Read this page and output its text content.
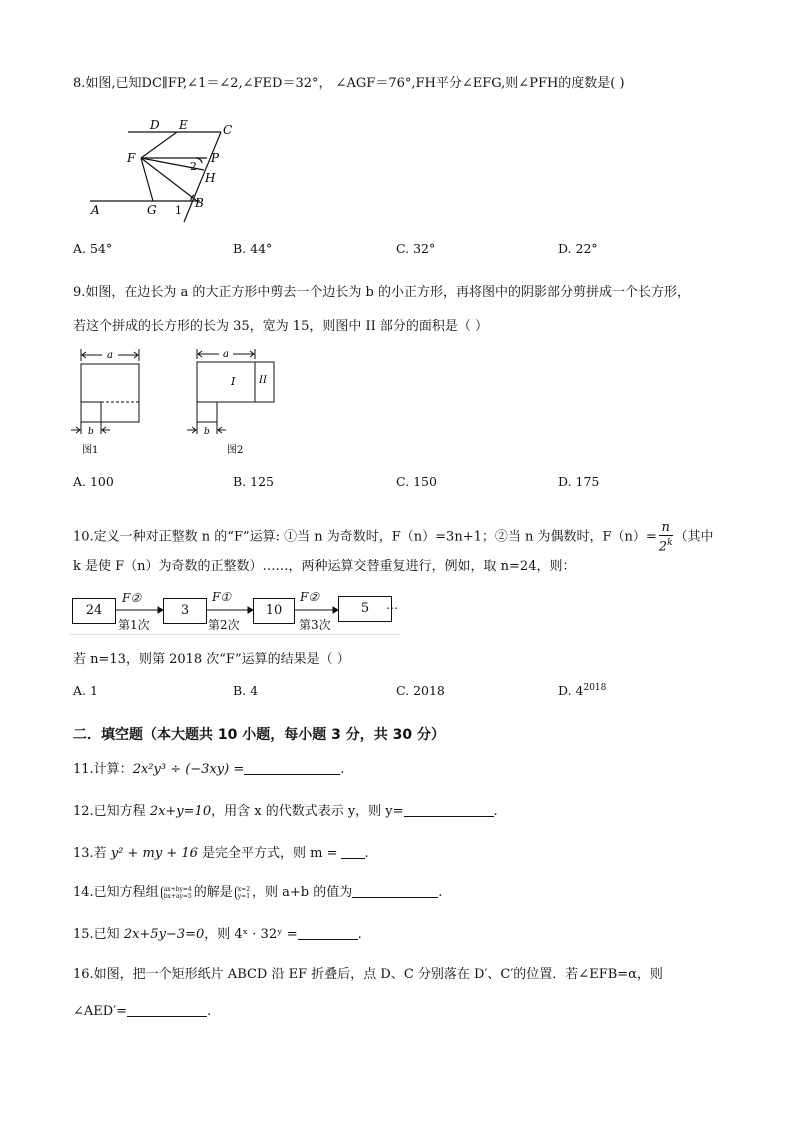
8.如图,已知DC∥FP,∠1＝∠2,∠FED＝32°， ∠AGF＝76°,FH平分∠EFG,则∠PFH的度数是( )
D E	C
F	P
2
H
A	G 1
B
A. 54°	B. 44°	C. 32°	D. 22°
9.如图，在边长为 a 的大正方形中剪去一个边长为 b 的小正方形，再将图中的阴影部分剪拼成一个长方形，
若这个拼成的长方形的长为 35，宽为 15，则图中 II 部分的面积是（ ）
a
b
图1
a
I II
b
图2
A. 100	B. 125	C. 150	D. 175
10.定义一种对正整数 n 的“F”运算: ①当 n 为奇数时，F（n）=3n+1；②当 n 为偶数时，$F(n)= \frac{n}{2^k}$ （其中
k 是使 F（n）为奇数的正整数）……，两种运算交替重复进行，例如，取 n=24，则：
24	3	10	5	…
F②	F①	F②
第1次	第2次	第3次
若 n=13，则第 2018 次“F”运算的结果是（ ）
A. 1	B. 4	C. 2018	D. $4^{2018}$
二．填空题（本大题共 10 小题，每小题 3 分，共 30 分）
11.计算：2x²y³ ÷ (−3xy) =	.
12.已知方程 2x+y=10，用含 x 的代数式表示 y，则 y=	.
13.若 y² + my + 16 是完全平方式，则 m = .
14.已知方程组 ax+by=4
bx+ay=5 的解是 x=2
y=1 ，则 a+b 的值为	.
15.已知 2x+5y−3=0，则 4ˣ · 32ʸ =	.
16.如图，把一个矩形纸片 ABCD 沿 EF 折叠后，点 D、C 分别落在 D′、C′的位置．若∠EFB=α，则
∠AED′=	.
